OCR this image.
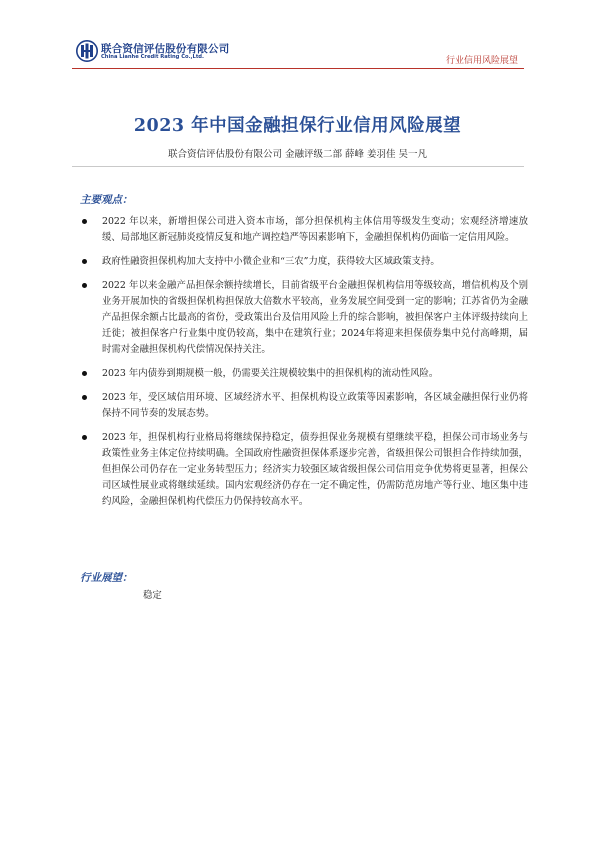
联合资信评估股份有限公司
China Lianhe Credit Rating Co.,Ltd.	行业信用风险展望
2023 年中国金融担保行业信用风险展望
联合资信评估股份有限公司 金融评级二部 薛峰 姜羽佳 吴一凡
主要观点：
2022 年以来，新增担保公司进入资本市场，部分担保机构主体信用等级发生变动；宏观经济增速放缓、局部地区新冠肺炎疫情反复和地产调控趋严等因素影响下，金融担保机构仍面临一定信用风险。
政府性融资担保机构加大支持中小微企业和“三农”力度，获得较大区域政策支持。
2022 年以来金融产品担保余额持续增长，目前省级平台金融担保机构信用等级较高，增信机构及个别业务开展加快的省级担保机构担保放大倍数水平较高，业务发展空间受到一定的影响；江苏省仍为金融产品担保余额占比最高的省份，受政策出台及信用风险上升的综合影响，被担保客户主体评级持续向上迁徙；被担保客户行业集中度仍较高，集中在建筑行业；2024年将迎来担保债券集中兑付高峰期，届时需对金融担保机构代偿情况保持关注。
2023 年内债券到期规模一般，仍需要关注规模较集中的担保机构的流动性风险。
2023 年，受区域信用环境、区域经济水平、担保机构设立政策等因素影响，各区域金融担保行业仍将保持不同节奏的发展态势。
2023 年，担保机构行业格局将继续保持稳定，债券担保业务规模有望继续平稳，担保公司市场业务与政策性业务主体定位持续明确。全国政府性融资担保体系逐步完善，省级担保公司银担合作持续加强，但担保公司仍存在一定业务转型压力；经济实力较强区域省级担保公司信用竞争优势将更显著，担保公司区域性展业或将继续延续。国内宏观经济仍存在一定不确定性，仍需防范房地产等行业、地区集中违约风险，金融担保机构代偿压力仍保持较高水平。
行业展望：
稳定
